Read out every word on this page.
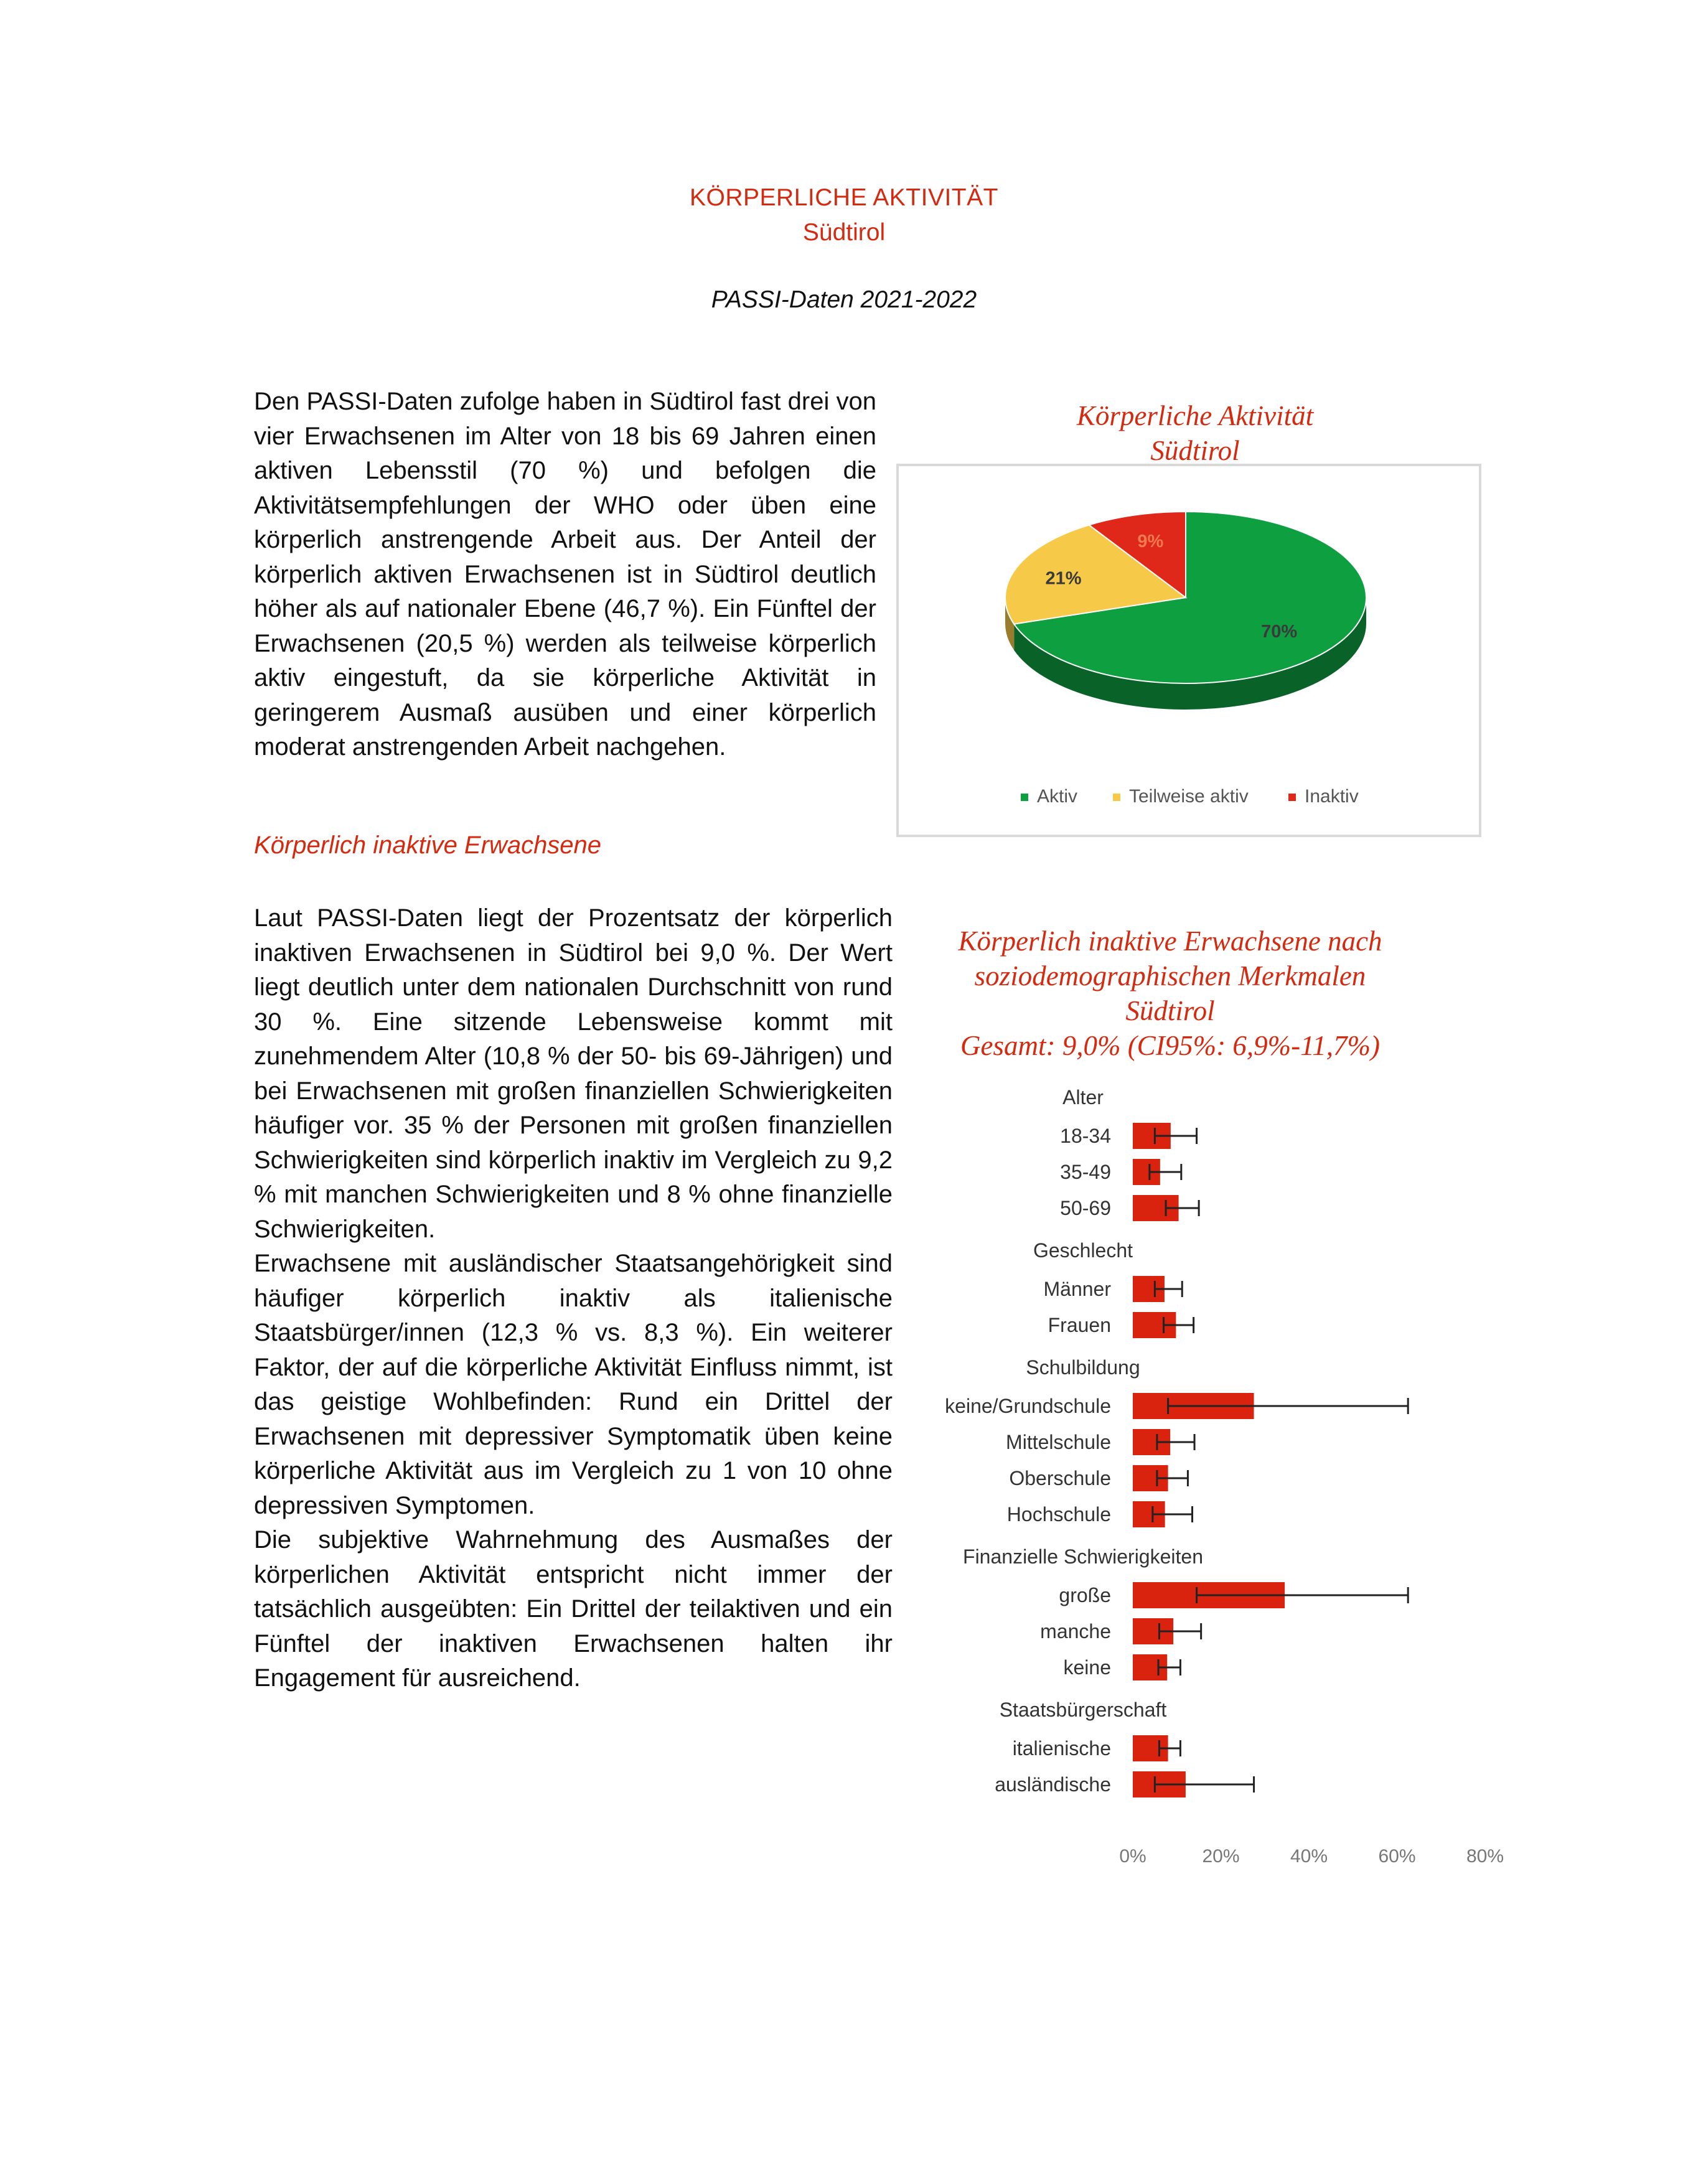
KÖRPERLICHE AKTIVITÄT
Südtirol
PASSI-Daten 2021-2022

Den PASSI-Daten zufolge haben in Südtirol fast drei von vier Erwachsenen im Alter von 18 bis 69 Jahren einen aktiven Lebensstil (70 %) und befolgen die Aktivitätsempfehlungen der WHO oder üben eine körperlich anstrengende Arbeit aus. Der Anteil der körperlich aktiven Erwachsenen ist in Südtirol deutlich höher als auf nationaler Ebene (46,7 %). Ein Fünftel der Erwachsenen (20,5 %) werden als teilweise körperlich aktiv eingestuft, da sie körperliche Aktivität in geringerem Ausmaß ausüben und einer körperlich moderat anstrengenden Arbeit nachgehen.

Körperlich inaktive Erwachsene

Laut PASSI-Daten liegt der Prozentsatz der körperlich inaktiven Erwachsenen in Südtirol bei 9,0 %. Der Wert liegt deutlich unter dem nationalen Durchschnitt von rund 30 %. Eine sitzende Lebensweise kommt mit zunehmendem Alter (10,8 % der 50- bis 69-Jährigen) und bei Erwachsenen mit großen finanziellen Schwierigkeiten häufiger vor. 35 % der Personen mit großen finanziellen Schwierigkeiten sind körperlich inaktiv im Vergleich zu 9,2 % mit manchen Schwierigkeiten und 8 % ohne finanzielle Schwierigkeiten.

Erwachsene mit ausländischer Staatsangehörigkeit sind häufiger körperlich inaktiv als italienische Staatsbürger/innen (12,3 % vs. 8,3 %). Ein weiterer Faktor, der auf die körperliche Aktivität Einfluss nimmt, ist das geistige Wohlbefinden: Rund ein Drittel der Erwachsenen mit depressiver Symptomatik üben keine körperliche Aktivität aus im Vergleich zu 1 von 10 ohne depressiven Symptomen.

Die subjektive Wahrnehmung des Ausmaßes der körperlichen Aktivität entspricht nicht immer der tatsächlich ausgeübten: Ein Drittel der teilaktiven und ein Fünftel der inaktiven Erwachsenen halten ihr Engagement für ausreichend.

Körperliche Aktivität
Südtirol
70%
21%
9%
Aktiv	Teilweise aktiv	Inaktiv
Körperlich inaktive Erwachsene nach
soziodemographischen Merkmalen
Südtirol
Gesamt: 9,0% (CI95%: 6,9%-11,7%)
Alter
18-34
35-49
50-69
Geschlecht
Männer
Frauen
Schulbildung
keine/Grundschule
Mittelschule
Oberschule
Hochschule
Finanzielle Schwierigkeiten
große
manche
keine
Staatsbürgerschaft
italienische
ausländische
0%	20%	40%	60%	80%
